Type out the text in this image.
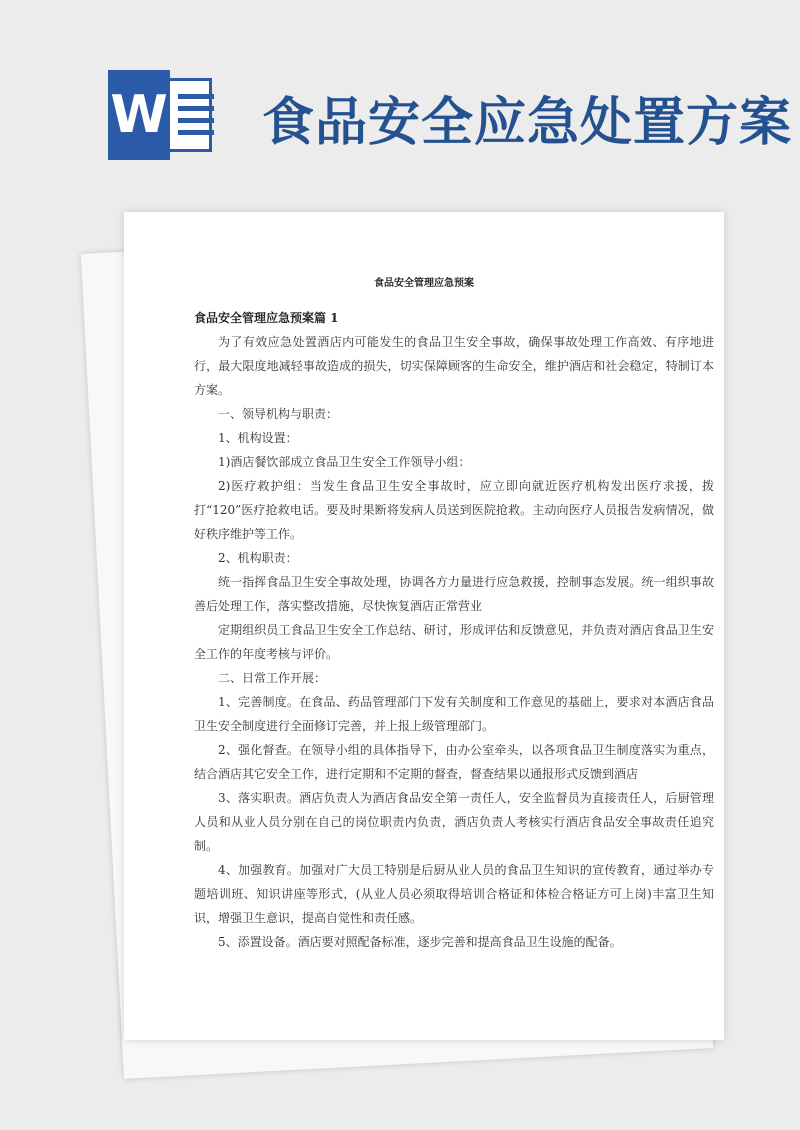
W 食品安全应急处置方案
食品安全管理应急预案

食品安全管理应急预案篇 1

为了有效应急处置酒店内可能发生的食品卫生安全事故，确保事故处理工作高效、有序地进行，最大限度地减轻事故造成的损失，切实保障顾客的生命安全，维护酒店和社会稳定，特制订本方案。

一、领导机构与职责：

1、机构设置：

1)酒店餐饮部成立食品卫生安全工作领导小组：

2)医疗救护组：当发生食品卫生安全事故时，应立即向就近医疗机构发出医疗求援，拨打“120”医疗抢救电话。要及时果断将发病人员送到医院抢救。主动向医疗人员报告发病情况，做好秩序维护等工作。

2、机构职责：

统一指挥食品卫生安全事故处理，协调各方力量进行应急救援，控制事态发展。统一组织事故善后处理工作，落实整改措施，尽快恢复酒店正常营业

定期组织员工食品卫生安全工作总结、研讨，形成评估和反馈意见，并负责对酒店食品卫生安全工作的年度考核与评价。

二、日常工作开展：

1、完善制度。在食品、药品管理部门下发有关制度和工作意见的基础上，要求对本酒店食品卫生安全制度进行全面修订完善，并上报上级管理部门。

2、强化督查。在领导小组的具体指导下，由办公室牵头，以各项食品卫生制度落实为重点，结合酒店其它安全工作，进行定期和不定期的督查，督查结果以通报形式反馈到酒店

3、落实职责。酒店负责人为酒店食品安全第一责任人，安全监督员为直接责任人，后厨管理人员和从业人员分别在自己的岗位职责内负责，酒店负责人考核实行酒店食品安全事故责任追究制。

4、加强教育。加强对广大员工特别是后厨从业人员的食品卫生知识的宣传教育，通过举办专题培训班、知识讲座等形式，(从业人员必须取得培训合格证和体检合格证方可上岗)丰富卫生知识，增强卫生意识，提高自觉性和责任感。

5、添置设备。酒店要对照配备标准，逐步完善和提高食品卫生设施的配备。
